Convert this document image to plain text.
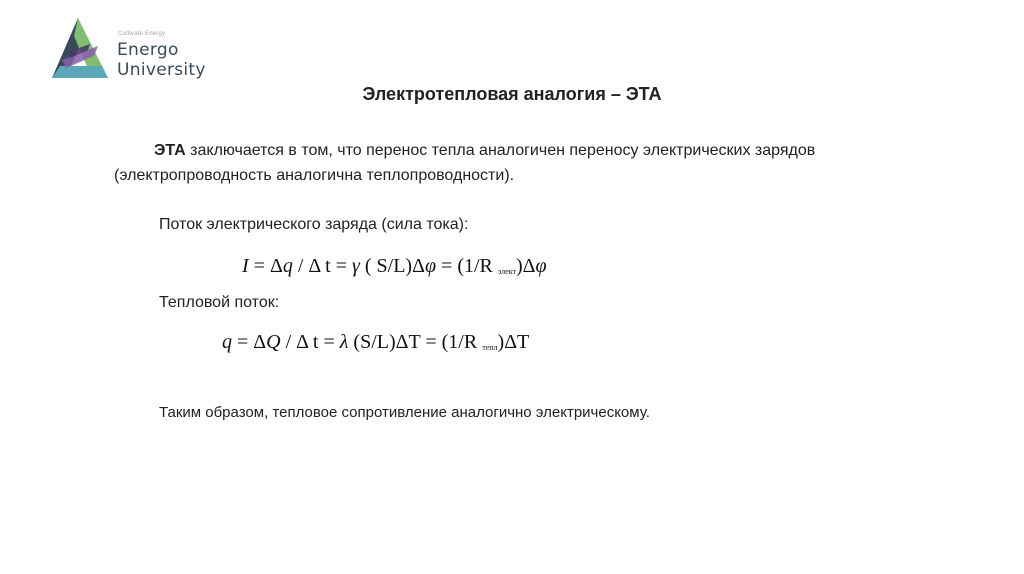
Cultivate Energy
Energo
University
Электротепловая аналогия – ЭТА
ЭТА заключается в том, что перенос тепла аналогичен переносу электрических зарядов (электропроводность аналогична теплопроводности).
Поток электрического заряда (сила тока):
I = Δq / Δ t = γ ( S/L)Δφ = (1/R $_{элект}$)Δφ
Тепловой поток:
q = ΔQ / Δ t = λ (S/L)ΔT = (1/R $_{тепл}$)ΔT
Таким образом, тепловое сопротивление аналогично электрическому.
